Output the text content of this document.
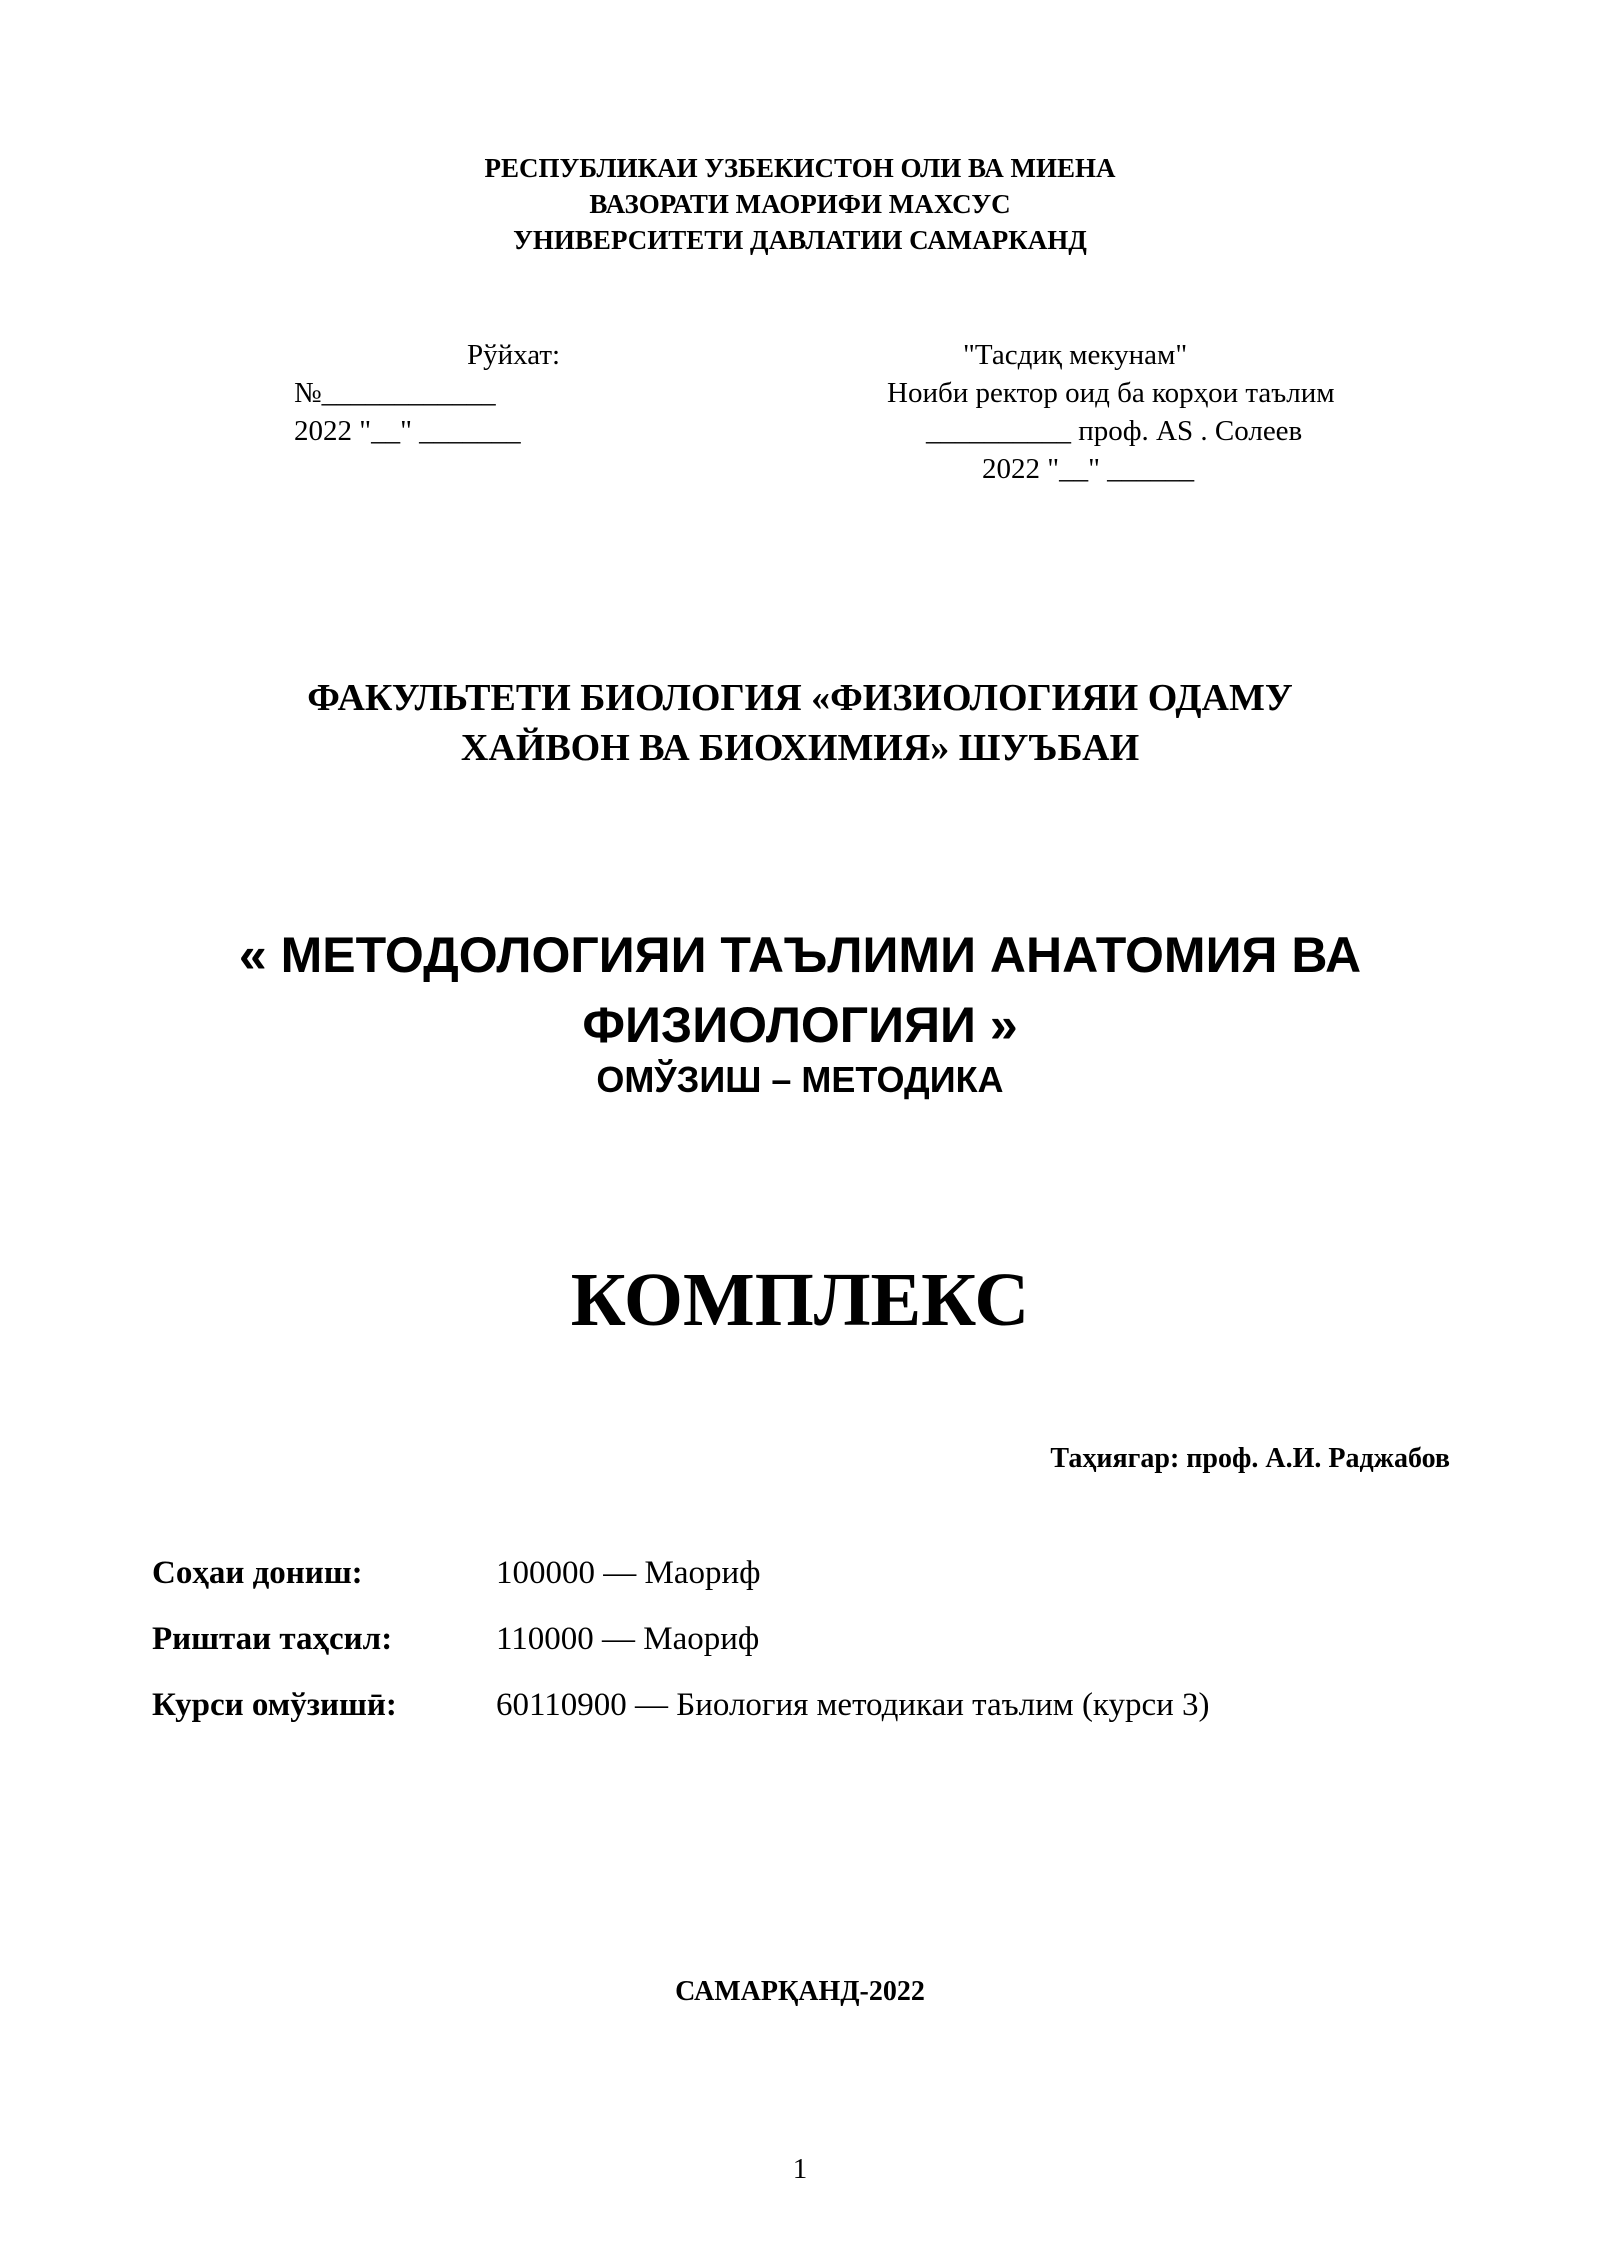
РЕСПУБЛИКАИ УЗБЕКИСТОН ОЛИ ВА МИЕНА
ВАЗОРАТИ МАОРИФИ МАХСУС
УНИВЕРСИТЕТИ ДАВЛАТИИ САМАРКАНД
Рўйхат:
№____________
2022 "__" _______
"Тасдиқ мекунам"
Ноиби ректор оид ба корҳои таълим
__________ проф. AS . Солеев
2022 "__" ______
ФАКУЛЬТЕТИ БИОЛОГИЯ «ФИЗИОЛОГИЯИ ОДАМУ
ХАЙВОН ВА БИОХИМИЯ» ШУЪБАИ
« МЕТОДОЛОГИЯИ ТАЪЛИМИ АНАТОМИЯ ВА
ФИЗИОЛОГИЯИ »
ОМЎЗИШ – МЕТОДИКА
КОМПЛЕКС
Таҳиягар: проф. А.И. Раджабов
Соҳаи дониш:	100000 — Маориф
Риштаи таҳсил:	110000 — Маориф
Курси омўзишӣ:	60110900 — Биология методикаи таълим (курси 3)
САМАРҚАНД-2022
1
